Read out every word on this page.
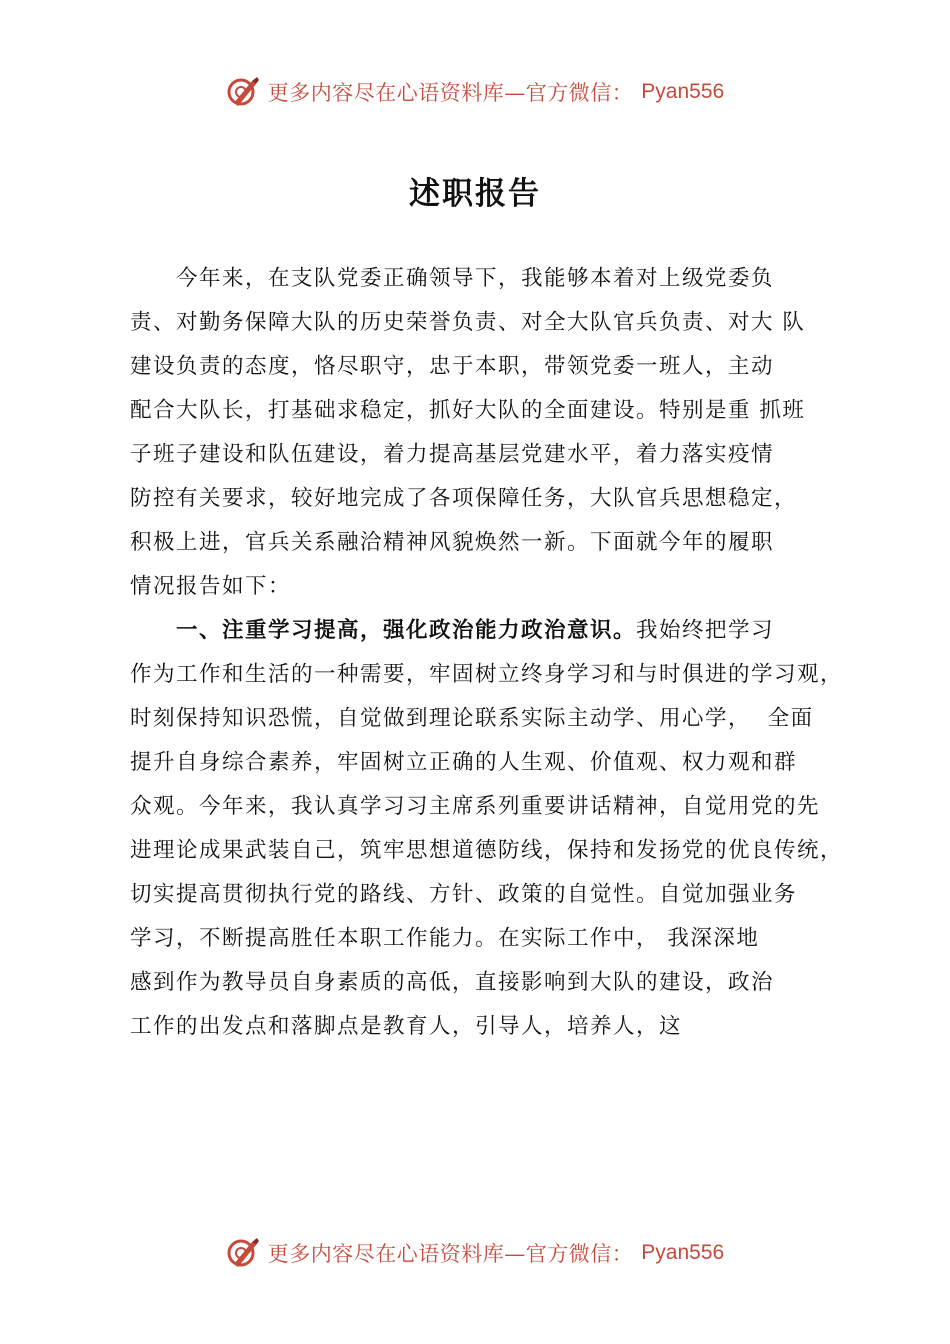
更多内容尽在心语资料库—官方微信： Pyan556
述职报告
　　今年来，在支队党委正确领导下，我能够本着对上级党委负
责、对勤务保障大队的历史荣誉负责、对全大队官兵负责、对大 队
建设负责的态度，恪尽职守，忠于本职，带领党委一班人，主动
配合大队长，打基础求稳定，抓好大队的全面建设。特别是重 抓班
子班子建设和队伍建设，着力提高基层党建水平，着力落实疫情
防控有关要求，较好地完成了各项保障任务，大队官兵思想稳定，
积极上进，官兵关系融洽精神风貌焕然一新。下面就今年的履职
情况报告如下：
　　一、注重学习提高，强化政治能力政治意识。我始终把学习
作为工作和生活的一种需要，牢固树立终身学习和与时俱进的学习观，
时刻保持知识恐慌，自觉做到理论联系实际主动学、用心学，  全面
提升自身综合素养，牢固树立正确的人生观、价值观、权力观和群
众观。今年来，我认真学习习主席系列重要讲话精神，自觉用党的先
进理论成果武装自己，筑牢思想道德防线，保持和发扬党的优良传统，
切实提高贯彻执行党的路线、方针、政策的自觉性。自觉加强业务
学习，不断提高胜任本职工作能力。在实际工作中， 我深深地
感到作为教导员自身素质的高低，直接影响到大队的建设，政治
工作的出发点和落脚点是教育人，引导人，培养人，这
更多内容尽在心语资料库—官方微信： Pyan556
